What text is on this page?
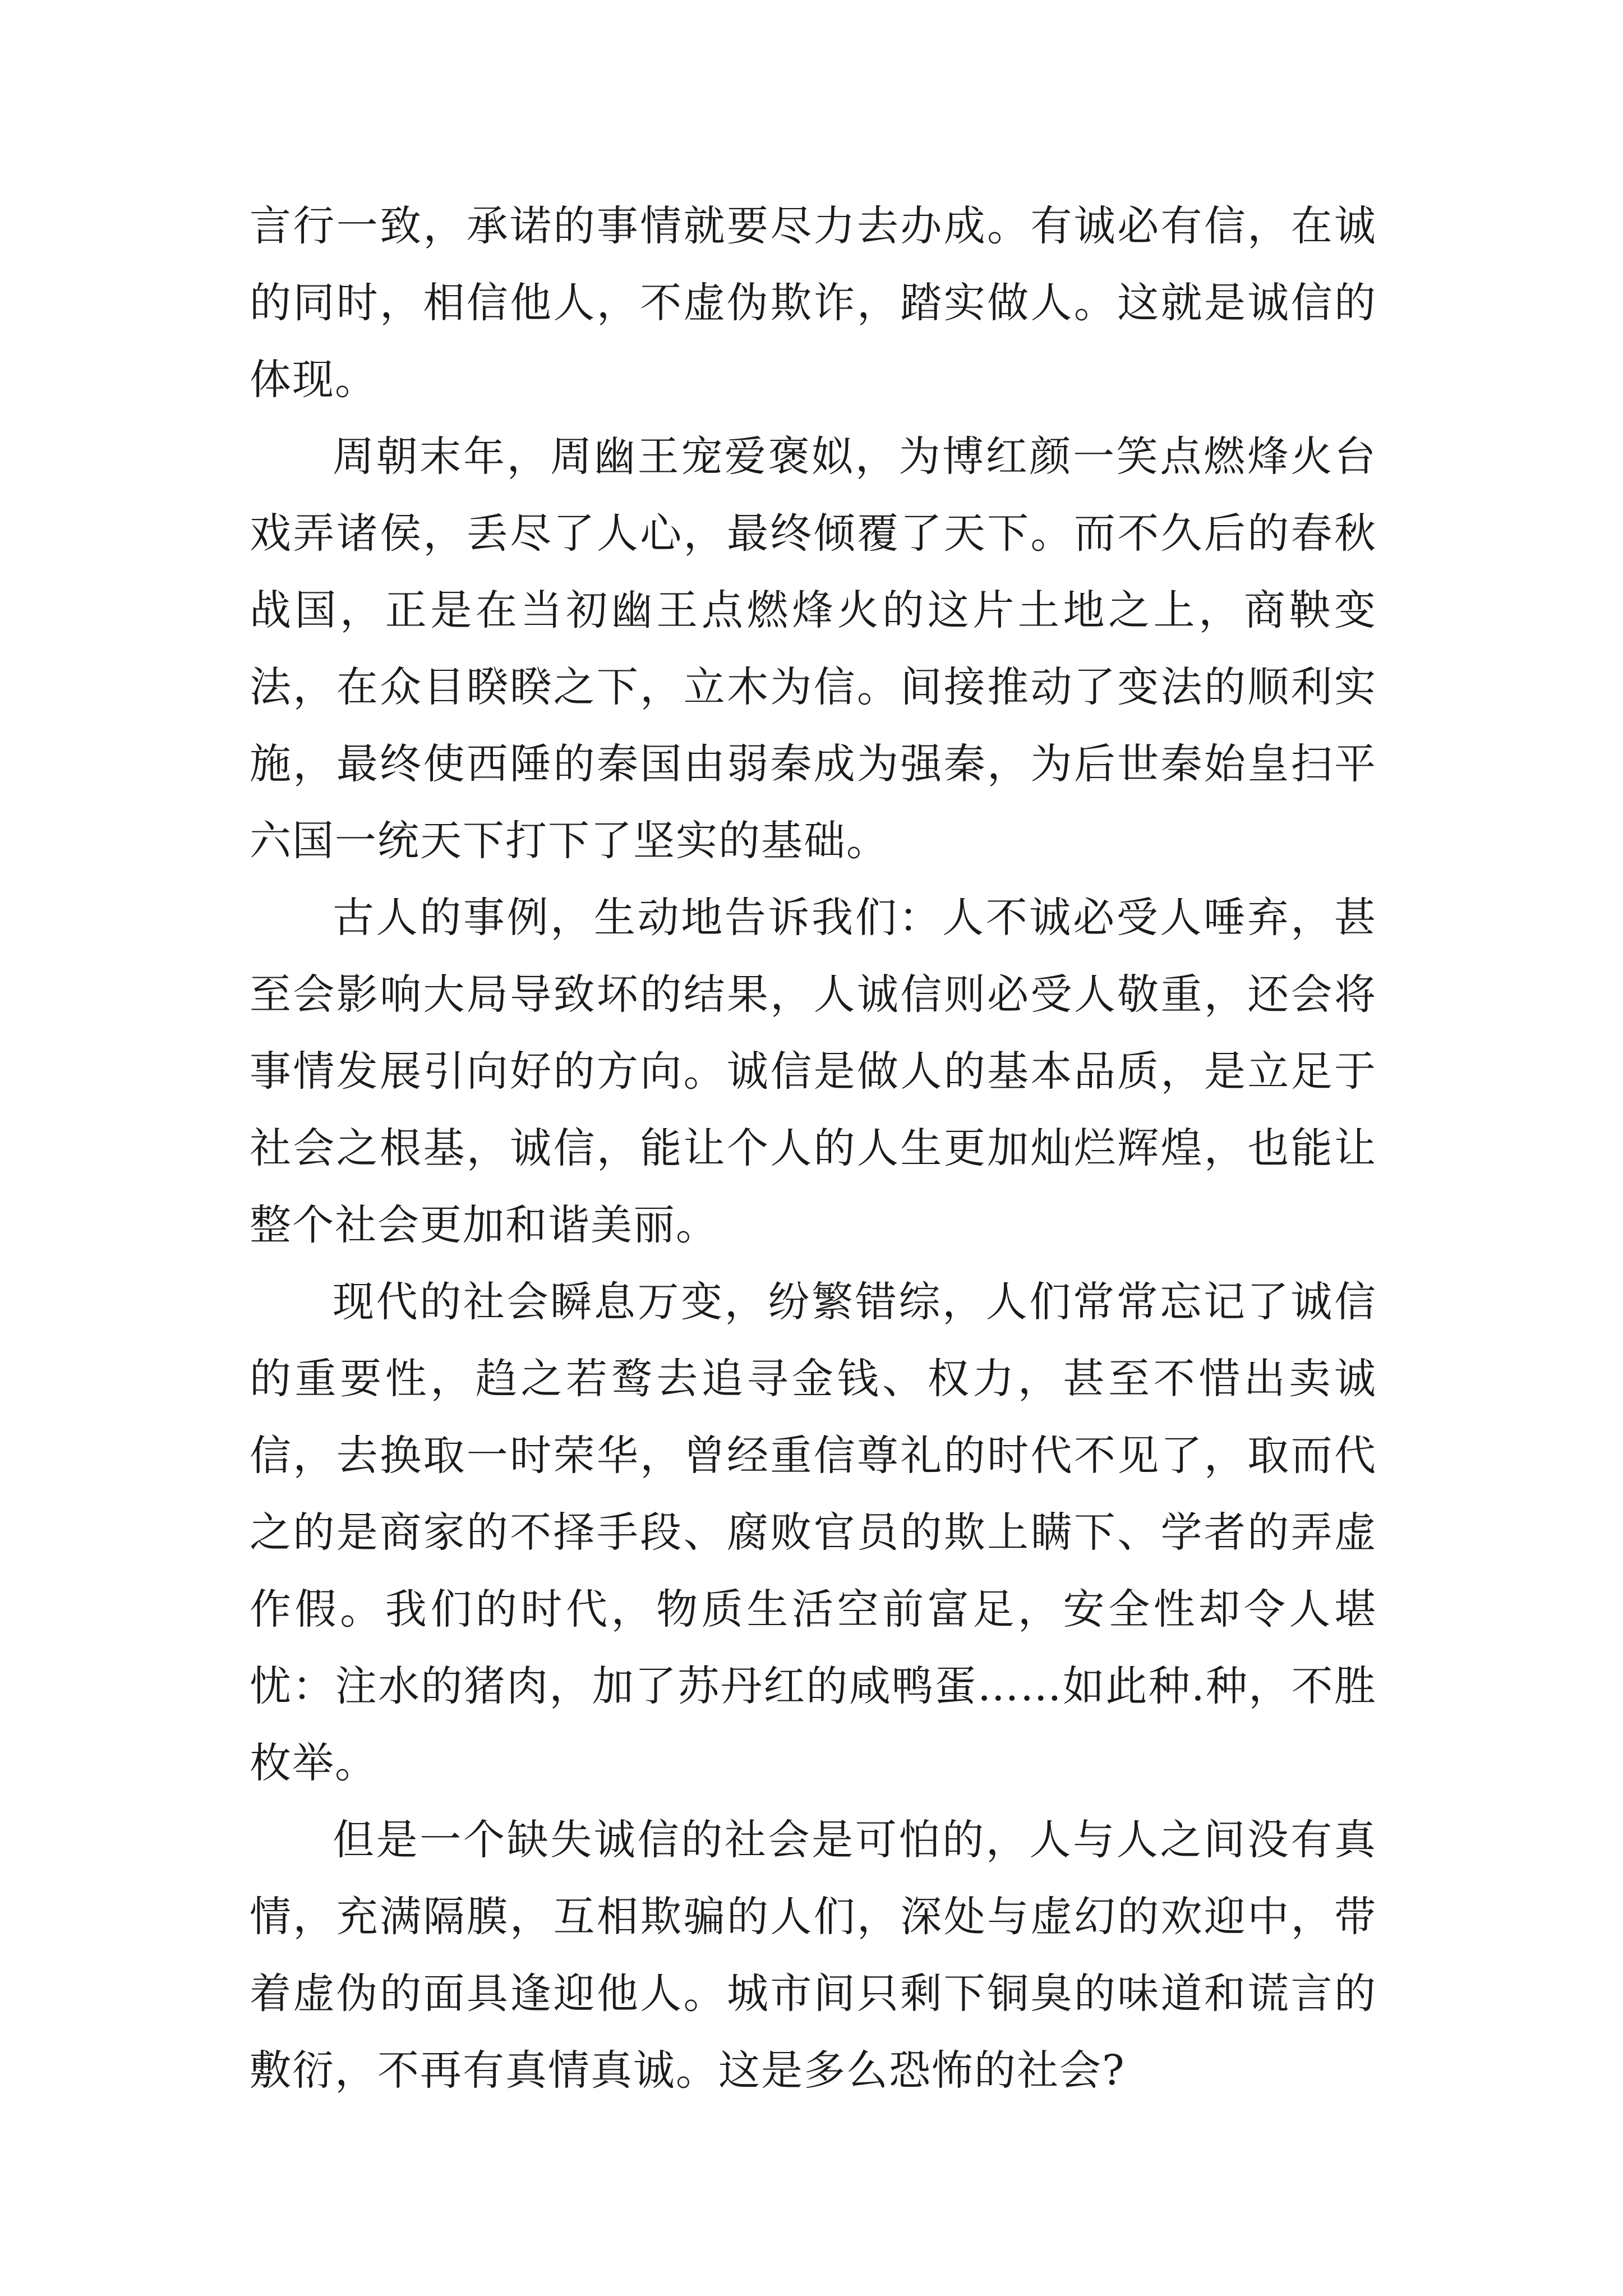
言行一致，承诺的事情就要尽力去办成。有诚必有信，在诚的同时，相信他人，不虚伪欺诈，踏实做人。这就是诚信的体现。

周朝末年，周幽王宠爱褒姒，为博红颜一笑点燃烽火台戏弄诸侯，丢尽了人心，最终倾覆了天下。而不久后的春秋战国，正是在当初幽王点燃烽火的这片土地之上，商鞅变法，在众目睽睽之下，立木为信。间接推动了变法的顺利实施，最终使西陲的秦国由弱秦成为强秦，为后世秦始皇扫平六国一统天下打下了坚实的基础。

古人的事例，生动地告诉我们：人不诚必受人唾弃，甚至会影响大局导致坏的结果，人诚信则必受人敬重，还会将事情发展引向好的方向。诚信是做人的基本品质，是立足于社会之根基，诚信，能让个人的人生更加灿烂辉煌，也能让整个社会更加和谐美丽。

现代的社会瞬息万变，纷繁错综，人们常常忘记了诚信的重要性，趋之若鹜去追寻金钱、权力，甚至不惜出卖诚信，去换取一时荣华，曾经重信尊礼的时代不见了，取而代之的是商家的不择手段、腐败官员的欺上瞒下、学者的弄虚作假。我们的时代，物质生活空前富足，安全性却令人堪忧：注水的猪肉，加了苏丹红的咸鸭蛋……如此种.种，不胜枚举。

但是一个缺失诚信的社会是可怕的，人与人之间没有真情，充满隔膜，互相欺骗的人们，深处与虚幻的欢迎中，带着虚伪的面具逢迎他人。城市间只剩下铜臭的味道和谎言的敷衍，不再有真情真诚。这是多么恐怖的社会?
